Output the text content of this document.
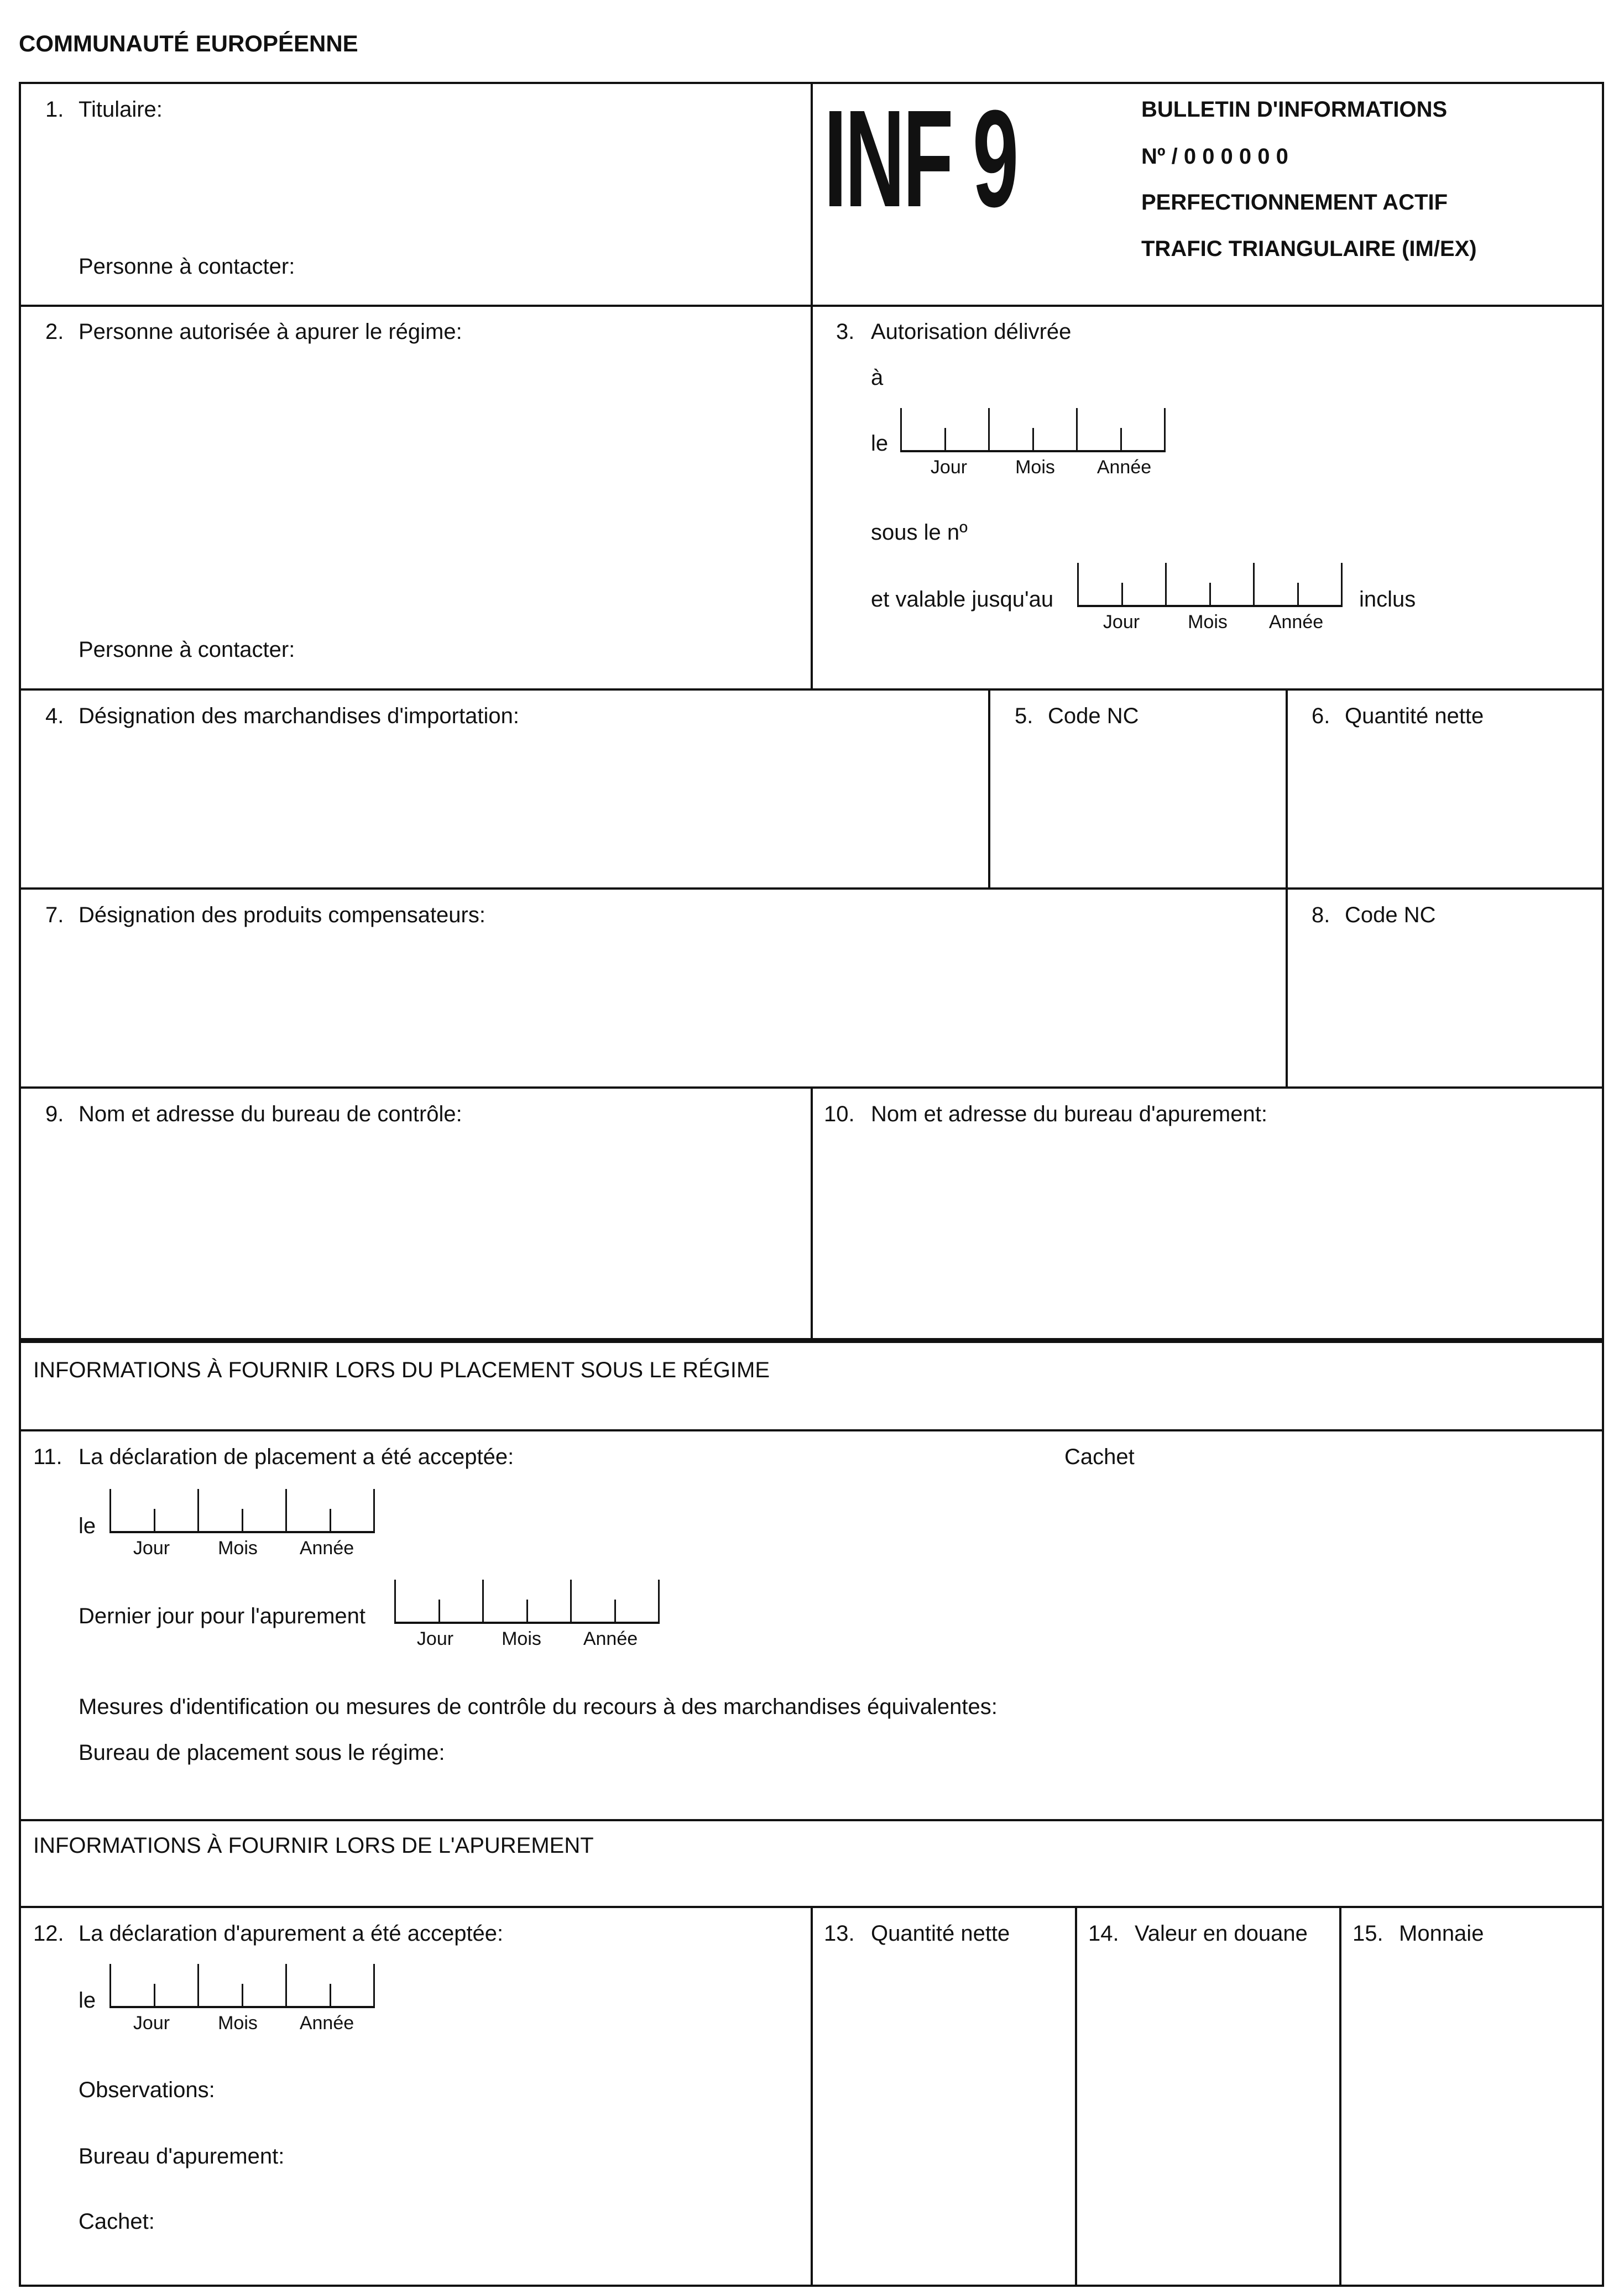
COMMUNAUTÉ EUROPÉENNE
1. Titulaire:
Personne à contacter:
INF 9	BULLETIN D'INFORMATIONS
Nº / 0 0 0 0 0 0
PERFECTIONNEMENT ACTIF
TRAFIC TRIANGULAIRE (IM/EX)
2. Personne autorisée à apurer le régime:
Personne à contacter:
3. Autorisation délivrée
à
le
Jour	Mois Année
sous le nº
et valable jusqu'au
Jour	Mois Année
inclus
4. Désignation des marchandises d'importation:	5. Code NC	6. Quantité nette
7. Désignation des produits compensateurs:	8. Code NC
9. Nom et adresse du bureau de contrôle:	10. Nom et adresse du bureau d'apurement:
INFORMATIONS À FOURNIR LORS DU PLACEMENT SOUS LE RÉGIME
11. La déclaration de placement a été acceptée:	Cachet
le
Jour	Mois Année
Dernier jour pour l'apurement
Jour	Mois Année
Mesures d'identification ou mesures de contrôle du recours à des marchandises équivalentes:
Bureau de placement sous le régime:
INFORMATIONS À FOURNIR LORS DE L'APUREMENT
12. La déclaration d'apurement a été acceptée:
le
Jour	Mois Année
Observations:
Bureau d'apurement:
Cachet:
13. Quantité nette	14. Valeur en douane 15. Monnaie
